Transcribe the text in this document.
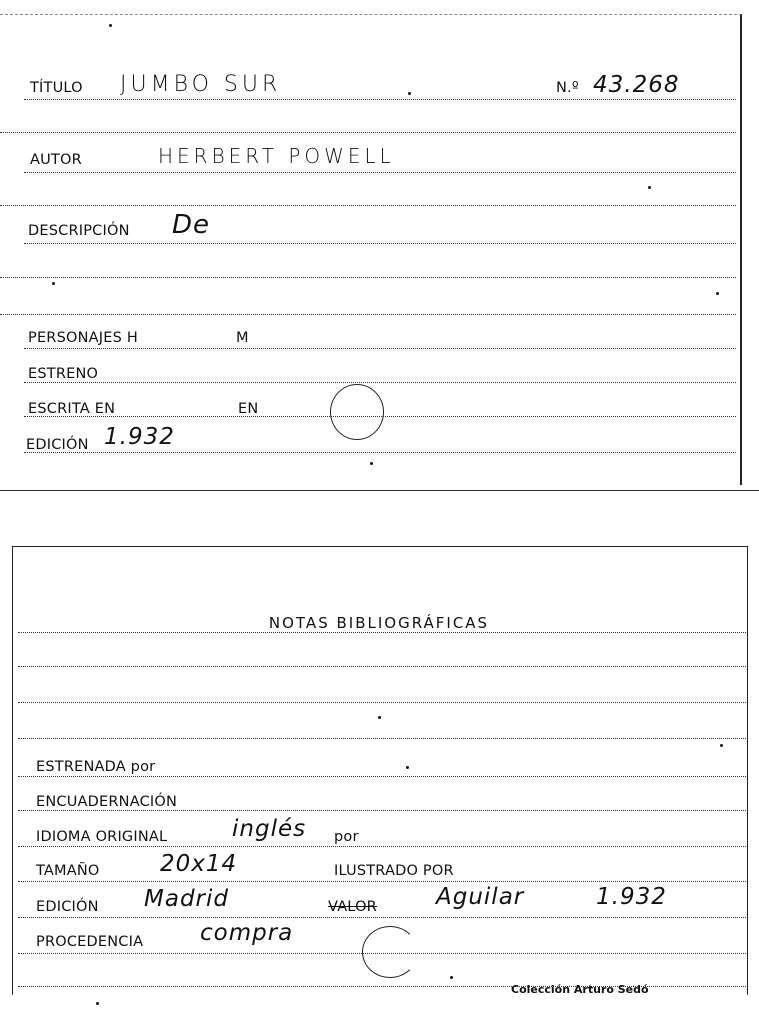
TÍTULO JUMBO SUR	N.º 43.268
AUTOR	HERBERT POWELL
DESCRIPCIÓN De
PERSONAJES H	M
ESTRENO
ESCRITA EN	EN
EDICIÓN 1.932
NOTAS BIBLIOGRÁFICAS
ESTRENADA por
ENCUADERNACIÓN
IDIOMA ORIGINAL	inglés por
TAMAÑO	20x14	ILUSTRADO POR
EDICIÓN Madrid	VALOR	Aguilar	1.932
PROCEDENCIA compra
Colección Arturo Sedó
